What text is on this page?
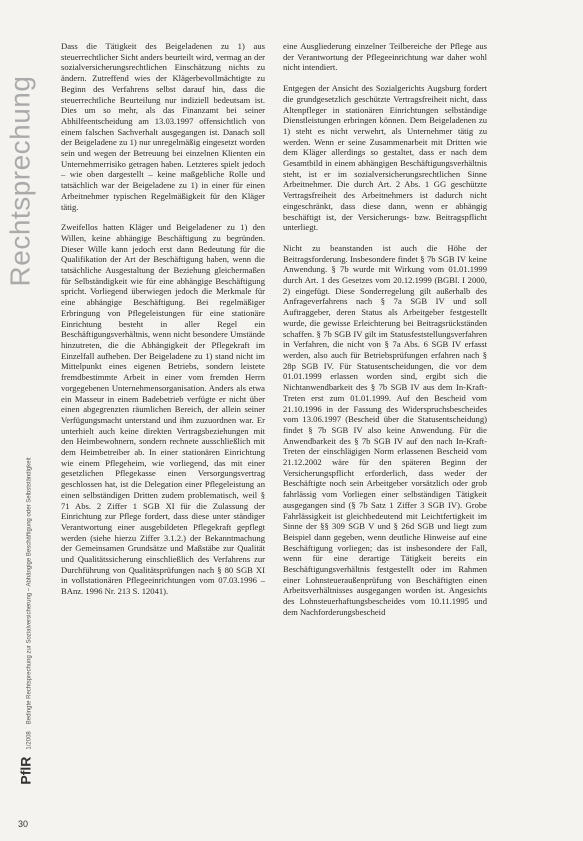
Rechtsprechung
PflR
1/2008
Bedingte Rechtsprechung zur Sozialversicherung – Abhängige Beschäftigung oder Selbstständigkeit

Dass die Tätigkeit des Beigeladenen zu 1) aus steuerrechtlicher Sicht anders beurteilt wird, vermag an der sozialversicherungsrechtlichen Einschätzung nichts zu ändern. Zutreffend wies der Klägerbevollmächtigte zu Beginn des Verfahrens selbst darauf hin, dass die steuerrechtliche Beurteilung nur indiziell bedeutsam ist. Dies um so mehr, als das Finanzamt bei seiner Abhilfeentscheidung am 13.03.1997 offensichtlich von einem falschen Sachverhalt ausgegangen ist. Danach soll der Beigeladene zu 1) nur unregelmäßig eingesetzt worden sein und wegen der Betreuung bei einzelnen Klienten ein Unternehmerrisiko getragen haben. Letzteres spielt jedoch – wie oben dargestellt – keine maßgebliche Rolle und tatsächlich war der Beigeladene zu 1) in einer für einen Arbeitnehmer typischen Regelmäßigkeit für den Kläger tätig.

Zweifellos hatten Kläger und Beigeladener zu 1) den Willen, keine abhängige Beschäftigung zu begründen. Dieser Wille kann jedoch erst dann Bedeutung für die Qualifikation der Art der Beschäftigung haben, wenn die tatsächliche Ausgestaltung der Beziehung gleichermaßen für Selbständigkeit wie für eine abhängige Beschäftigung spricht. Vorliegend überwiegen jedoch die Merkmale für eine abhängige Beschäftigung. Bei regelmäßiger Erbringung von Pflegeleistungen für eine stationäre Einrichtung besteht in aller Regel ein Beschäftigungsverhältnis, wenn nicht besondere Umstände hinzutreten, die die Abhängigkeit der Pflegekraft im Einzelfall aufheben. Der Beigeladene zu 1) stand nicht im Mittelpunkt eines eigenen Betriebs, sondern leistete fremdbestimmte Arbeit in einer vom fremden Herrn vorgegebenen Unternehmensorganisation. Anders als etwa ein Masseur in einem Badebetrieb verfügte er nicht über einen abgegrenzten räumlichen Bereich, der allein seiner Verfügungsmacht unterstand und ihm zuzuordnen war. Er unterhielt auch keine direkten Vertragsbeziehungen mit den Heimbewohnern, sondern rechnete ausschließlich mit dem Heimbetreiber ab. In einer stationären Einrichtung wie einem Pflegeheim, wie vorliegend, das mit einer gesetzlichen Pflegekasse einen Versorgungsvertrag geschlossen hat, ist die Delegation einer Pflegeleistung an einen selbständigen Dritten zudem problematisch, weil § 71 Abs. 2 Ziffer 1 SGB XI für die Zulassung der Einrichtung zur Pflege fordert, dass diese unter ständiger Verantwortung einer ausgebildeten Pflegekraft gepflegt werden (siehe hierzu Ziffer 3.1.2.) der Bekanntmachung der Gemeinsamen Grundsätze und Maßstäbe zur Qualität und Qualitätssicherung einschließlich des Verfahrens zur Durchführung von Qualitätsprüfungen nach § 80 SGB XI in vollstationären Pflegeeinrichtungen vom 07.03.1996 – BAnz. 1996 Nr. 213 S. 12041).

eine Ausgliederung einzelner Teilbereiche der Pflege aus der Verantwortung der Pflegeeinrichtung war daher wohl nicht intendiert.

Entgegen der Ansicht des Sozialgerichts Augsburg fordert die grundgesetzlich geschützte Vertragsfreiheit nicht, dass Altenpfleger in stationären Einrichtungen selbständige Dienstleistungen erbringen können. Dem Beigeladenen zu 1) steht es nicht verwehrt, als Unternehmer tätig zu werden. Wenn er seine Zusammenarbeit mit Dritten wie dem Kläger allerdings so gestaltet, dass er nach dem Gesamtbild in einem abhängigen Beschäftigungsverhältnis steht, ist er im sozialversicherungsrechtlichen Sinne Arbeitnehmer. Die durch Art. 2 Abs. 1 GG geschützte Vertragsfreiheit des Arbeitnehmers ist dadurch nicht eingeschränkt, dass diese dann, wenn er abhängig beschäftigt ist, der Versicherungs- bzw. Beitragspflicht unterliegt.

Nicht zu beanstanden ist auch die Höhe der Beitragsforderung. Insbesondere findet § 7b SGB IV keine Anwendung. § 7b wurde mit Wirkung vom 01.01.1999 durch Art. 1 des Gesetzes vom 20.12.1999 (BGBl. I 2000, 2) eingefügt. Diese Sonderregelung gilt außerhalb des Anfrageverfahrens nach § 7a SGB IV und soll Auftraggeber, deren Status als Arbeitgeber festgestellt wurde, die gewisse Erleichterung bei Beitragsrückständen schaffen. § 7b SGB IV gilt im Statusfeststellungsverfahren in Verfahren, die nicht von § 7a Abs. 6 SGB IV erfasst werden, also auch für Betriebsprüfungen erfahren nach § 28p SGB IV. Für Statusentscheidungen, die vor dem 01.01.1999 erlassen worden sind, ergibt sich die Nichtanwendbarkeit des § 7b SGB IV aus dem In-Kraft-Treten erst zum 01.01.1999. Auf den Bescheid vom 21.10.1996 in der Fassung des Widerspruchsbescheides vom 13.06.1997 (Bescheid über die Statusentscheidung) findet § 7b SGB IV also keine Anwendung. Für die Anwendbarkeit des § 7b SGB IV auf den nach In-Kraft-Treten der einschlägigen Norm erlassenen Bescheid vom 21.12.2002 wäre für den späteren Beginn der Versicherungspflicht erforderlich, dass weder der Beschäftigte noch sein Arbeitgeber vorsätzlich oder grob fahrlässig vom Vorliegen einer selbständigen Tätigkeit ausgegangen sind (§ 7b Satz 1 Ziffer 3 SGB IV). Grobe Fahrlässigkeit ist gleichbedeutend mit Leichtfertigkeit im Sinne der §§ 309 SGB V und § 26d SGB und liegt zum Beispiel dann gegeben, wenn deutliche Hinweise auf eine Beschäftigung vorliegen; das ist insbesondere der Fall, wenn für eine derartige Tätigkeit bereits ein Beschäftigungsverhältnis festgestellt oder im Rahmen einer Lohnsteueraußenprüfung von Beschäftigten einen Arbeitsverhältnisses ausgegangen worden ist. Angesichts des Lohnsteuerhaftungsbescheides vom 10.11.1995 und dem Nachforderungsbescheid

30
